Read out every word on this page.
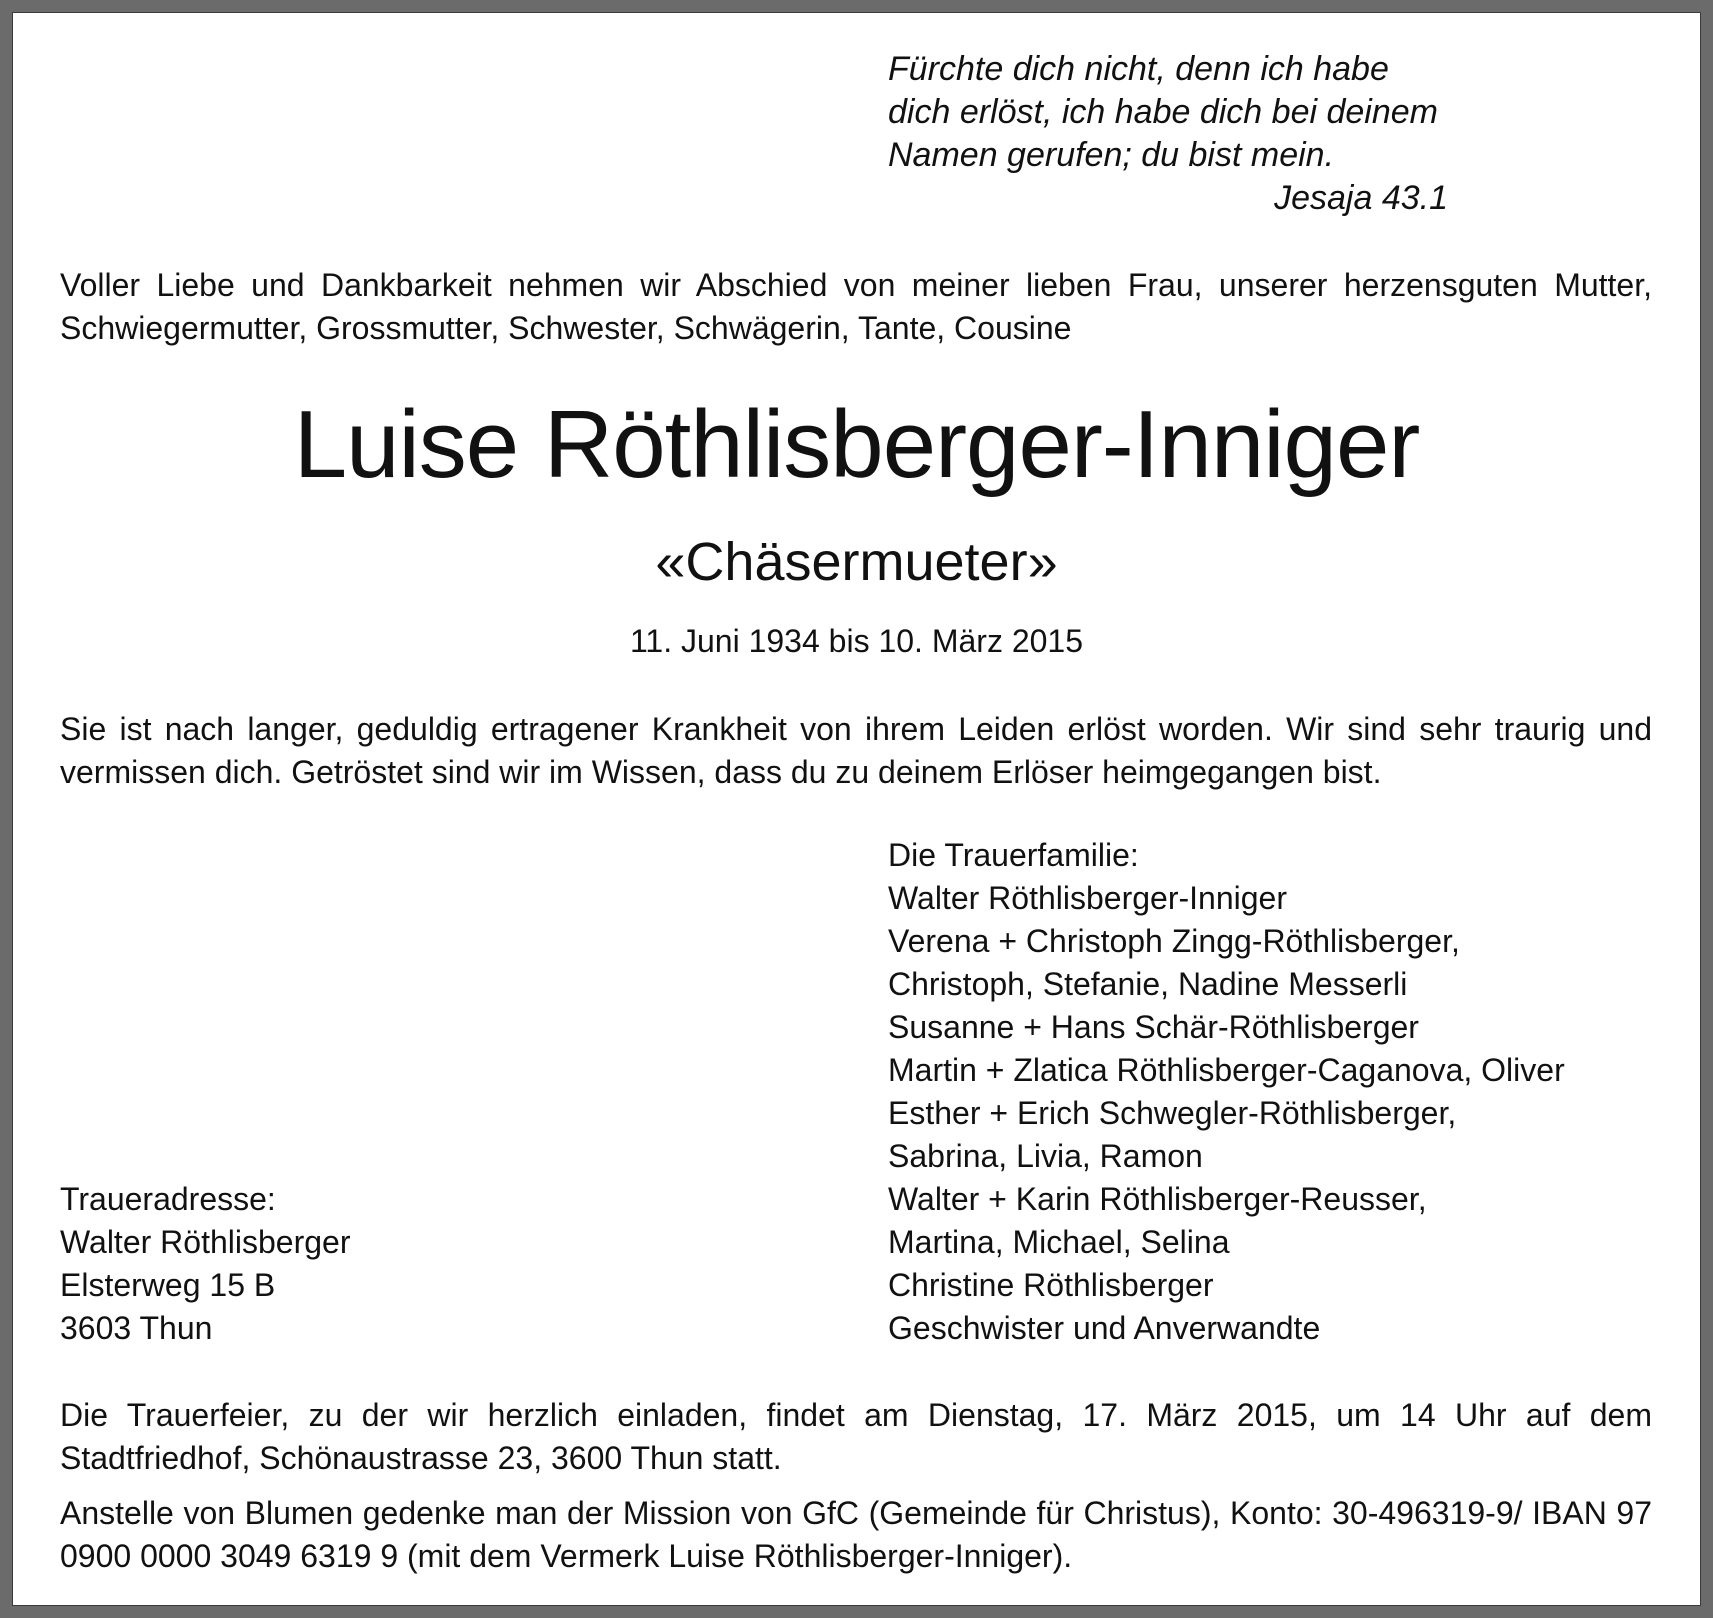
Fürchte dich nicht, denn ich habe
dich erlöst, ich habe dich bei deinem
Namen gerufen; du bist mein.
Jesaja 43.1
Voller Liebe und Dankbarkeit nehmen wir Abschied von meiner lieben Frau, unserer herzensguten Mutter, Schwiegermutter, Grossmutter, Schwester, Schwägerin, Tante, Cousine
Luise Röthlisberger-Inniger
«Chäsermueter»
11. Juni 1934 bis 10. März 2015
Sie ist nach langer, geduldig ertragener Krankheit von ihrem Leiden erlöst worden. Wir sind sehr traurig und vermissen dich. Getröstet sind wir im Wissen, dass du zu deinem Erlöser heimgegangen bist.
Die Trauerfamilie:
Walter Röthlisberger-Inniger
Verena + Christoph Zingg-Röthlisberger,
Christoph, Stefanie, Nadine Messerli
Susanne + Hans Schär-Röthlisberger
Martin + Zlatica Röthlisberger-Caganova, Oliver
Esther + Erich Schwegler-Röthlisberger,
Sabrina, Livia, Ramon
Walter + Karin Röthlisberger-Reusser,
Martina, Michael, Selina
Christine Röthlisberger
Geschwister und Anverwandte
Traueradresse:
Walter Röthlisberger
Elsterweg 15 B
3603 Thun
Die Trauerfeier, zu der wir herzlich einladen, findet am Dienstag, 17. März 2015, um 14 Uhr auf dem Stadtfriedhof, Schönaustrasse 23, 3600 Thun statt.
Anstelle von Blumen gedenke man der Mission von GfC (Gemeinde für Christus), Konto: 30-496319-9/ IBAN 97 0900 0000 3049 6319 9 (mit dem Vermerk Luise Röthlisberger-Inniger).
